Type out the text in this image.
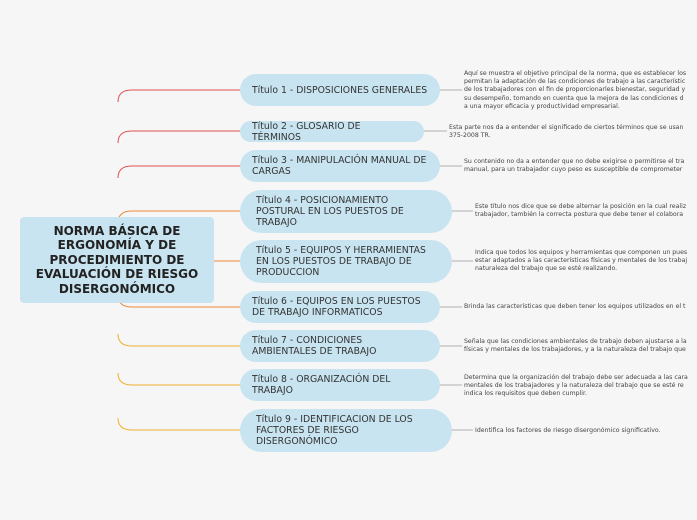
NORMA BÁSICA DE ERGONOMÍA Y DE PROCEDIMIENTO DE EVALUACIÓN DE RIESGO DISERGONÓMICO
Título 1 - DISPOSICIONES GENERALES
Título 2 - GLOSARIO DE TÉRMINOS
Título 3 - MANIPULACIÓN MANUAL DE CARGAS
Título 4 - POSICIONAMIENTO POSTURAL EN LOS PUESTOS DE TRABAJO
Título 5 - EQUIPOS Y HERRAMIENTAS EN LOS PUESTOS DE TRABAJO DE PRODUCCION
Título 6 - EQUIPOS EN LOS PUESTOS DE TRABAJO INFORMATICOS
Título 7 - CONDICIONES AMBIENTALES DE TRABAJO
Título 8 - ORGANIZACIÓN DEL TRABAJO
Título 9 - IDENTIFICACION DE LOS FACTORES DE RIESGO DISERGONÓMICO
Aquí se muestra el objetivo principal de la norma, que es establecer los
permitan la adaptación de las condiciones de trabajo a las característic
de los trabajadores con el fin de proporcionarles bienestar, seguridad y
su desempeño, tomando en cuenta que la mejora de las condiciones d
a una mayor eficacia y productividad empresarial.
Esta parte nos da a entender el significado de ciertos términos que se usan
375-2008 TR.
Su contenido no da a entender que no debe exigirse o permitirse el tra
manual, para un trabajador cuyo peso es susceptible de comprometer
Este título nos dice que se debe alternar la posición en la cual realiz
trabajador, también la correcta postura que debe tener el colabora
Indica que todos los equipos y herramientas que componen un pues
estar adaptados a las características físicas y mentales de los trabaj
naturaleza del trabajo que se esté realizando.
Brinda las características que deben tener los equipos utilizados en el t
Señala que las condiciones ambientales de trabajo deben ajustarse a la
físicas y mentales de los trabajadores, y a la naturaleza del trabajo que
Determina que la organización del trabajo debe ser adecuada a las cara
mentales de los trabajadores y la naturaleza del trabajo que se esté re
indica los requisitos que deben cumplir.
Identifica los factores de riesgo disergonómico significativo.
